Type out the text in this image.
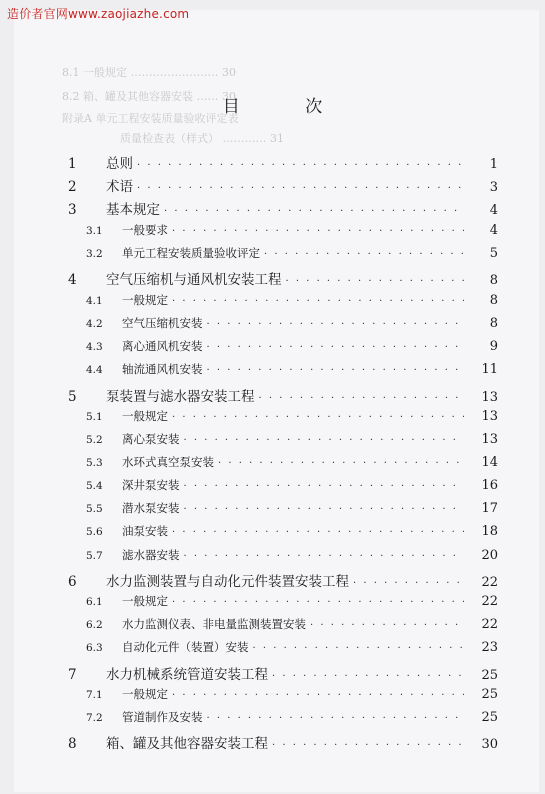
造价者官网www.zaojiazhe.com
8.1 一般规定 …………………… 30
8.2 箱、罐及其他容器安装 …… 30
附录A 单元工程安装质量验收评定表
质量检查表（样式） ………… 31
目 次
1	总则 · · ·	1
2	术语 · · ·	3
3	基本规定 · · ·	4
3.1	一般要求 · · ·	4
3.2	单元工程安装质量验收评定 · · ·	5
4	空气压缩机与通风机安装工程 · · ·	8
4.1	一般规定 · · ·	8
4.2	空气压缩机安装 · · ·	8
4.3	离心通风机安装 · · ·	9
4.4	轴流通风机安装 · · ·	11
5	泵装置与滤水器安装工程 · · ·	13
5.1	一般规定 · · ·	13
5.2	离心泵安装 · · ·	13
5.3	水环式真空泵安装 · · ·	14
5.4	深井泵安装 · · ·	16
5.5	潜水泵安装 · · ·	17
5.6	油泵安装 · · ·	18
5.7	滤水器安装 · · ·	20
6	水力监测装置与自动化元件装置安装工程 · · ·	22
6.1	一般规定 · · ·	22
6.2	水力监测仪表、非电量监测装置安装 · · ·	22
6.3	自动化元件（装置）安装 · · ·	23
7	水力机械系统管道安装工程 · · ·	25
7.1	一般规定 · · ·	25
7.2	管道制作及安装 · · ·	25
8	箱、罐及其他容器安装工程 · · ·	30
